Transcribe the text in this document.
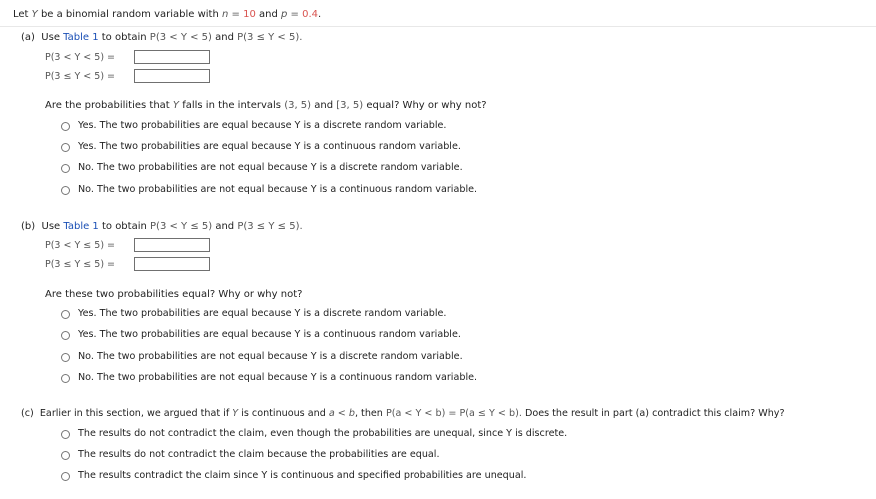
Let Y be a binomial random variable with n = 10 and p = 0.4.
(a) Use Table 1 to obtain P(3 < Y < 5) and P(3 ≤ Y < 5).
P(3 < Y < 5) =
P(3 ≤ Y < 5) =
Are the probabilities that Y falls in the intervals (3, 5) and [3, 5) equal? Why or why not?
Yes. The two probabilities are equal because Y is a discrete random variable.
Yes. The two probabilities are equal because Y is a continuous random variable.
No. The two probabilities are not equal because Y is a discrete random variable.
No. The two probabilities are not equal because Y is a continuous random variable.
(b) Use Table 1 to obtain P(3 < Y ≤ 5) and P(3 ≤ Y ≤ 5).
P(3 < Y ≤ 5) =
P(3 ≤ Y ≤ 5) =
Are these two probabilities equal? Why or why not?
Yes. The two probabilities are equal because Y is a discrete random variable.
Yes. The two probabilities are equal because Y is a continuous random variable.
No. The two probabilities are not equal because Y is a discrete random variable.
No. The two probabilities are not equal because Y is a continuous random variable.
(c) Earlier in this section, we argued that if Y is continuous and a < b, then P(a < Y < b) = P(a ≤ Y < b). Does the result in part (a) contradict this claim? Why?
The results do not contradict the claim, even though the probabilities are unequal, since Y is discrete.
The results do not contradict the claim because the probabilities are equal.
The results contradict the claim since Y is continuous and specified probabilities are unequal.
